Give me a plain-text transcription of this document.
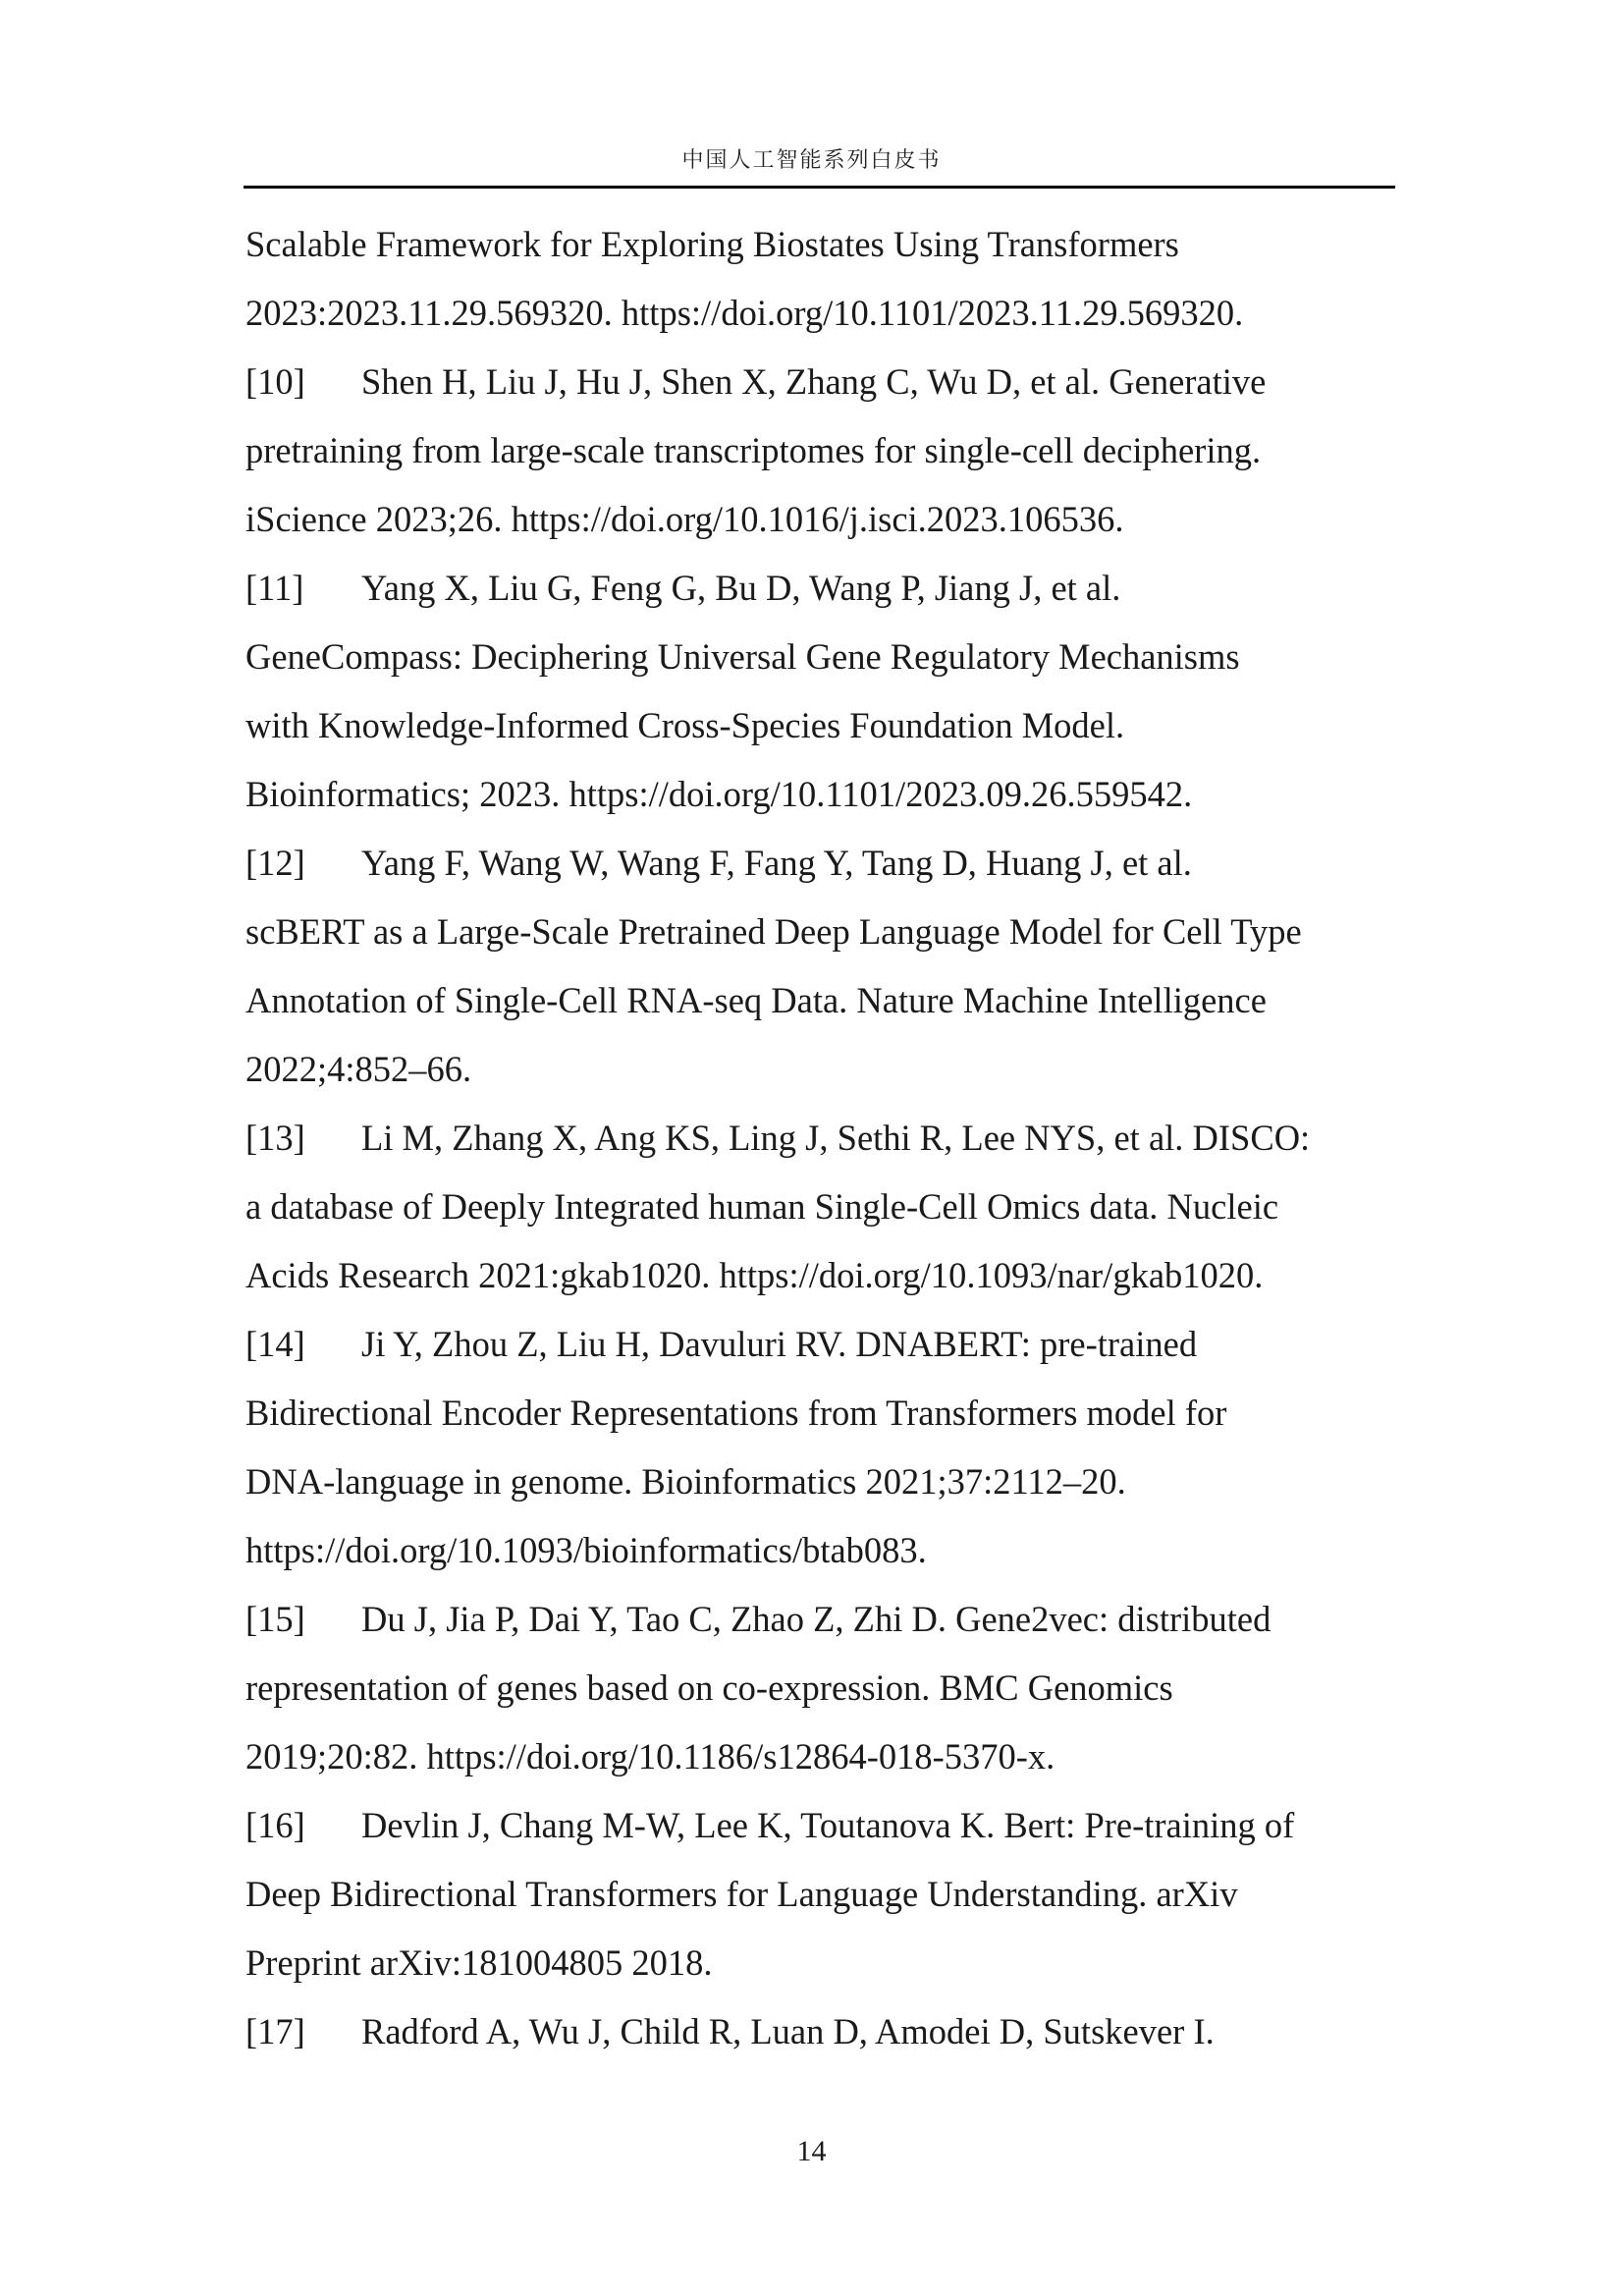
中国人工智能系列白皮书
Scalable Framework for Exploring Biostates Using Transformers
2023:2023.11.29.569320. https://doi.org/10.1101/2023.11.29.569320.
[10] Shen H, Liu J, Hu J, Shen X, Zhang C, Wu D, et al. Generative
pretraining from large-scale transcriptomes for single-cell deciphering.
iScience 2023;26. https://doi.org/10.1016/j.isci.2023.106536.
[11] Yang X, Liu G, Feng G, Bu D, Wang P, Jiang J, et al.
GeneCompass: Deciphering Universal Gene Regulatory Mechanisms
with Knowledge-Informed Cross-Species Foundation Model.
Bioinformatics; 2023. https://doi.org/10.1101/2023.09.26.559542.
[12] Yang F, Wang W, Wang F, Fang Y, Tang D, Huang J, et al.
scBERT as a Large-Scale Pretrained Deep Language Model for Cell Type
Annotation of Single-Cell RNA-seq Data. Nature Machine Intelligence
2022;4:852–66.
[13] Li M, Zhang X, Ang KS, Ling J, Sethi R, Lee NYS, et al. DISCO:
a database of Deeply Integrated human Single-Cell Omics data. Nucleic
Acids Research 2021:gkab1020. https://doi.org/10.1093/nar/gkab1020.
[14] Ji Y, Zhou Z, Liu H, Davuluri RV. DNABERT: pre-trained
Bidirectional Encoder Representations from Transformers model for
DNA-language in genome. Bioinformatics 2021;37:2112–20.
https://doi.org/10.1093/bioinformatics/btab083.
[15] Du J, Jia P, Dai Y, Tao C, Zhao Z, Zhi D. Gene2vec: distributed
representation of genes based on co-expression. BMC Genomics
2019;20:82. https://doi.org/10.1186/s12864-018-5370-x.
[16] Devlin J, Chang M-W, Lee K, Toutanova K. Bert: Pre-training of
Deep Bidirectional Transformers for Language Understanding. arXiv
Preprint arXiv:181004805 2018.
[17] Radford A, Wu J, Child R, Luan D, Amodei D, Sutskever I.
14
